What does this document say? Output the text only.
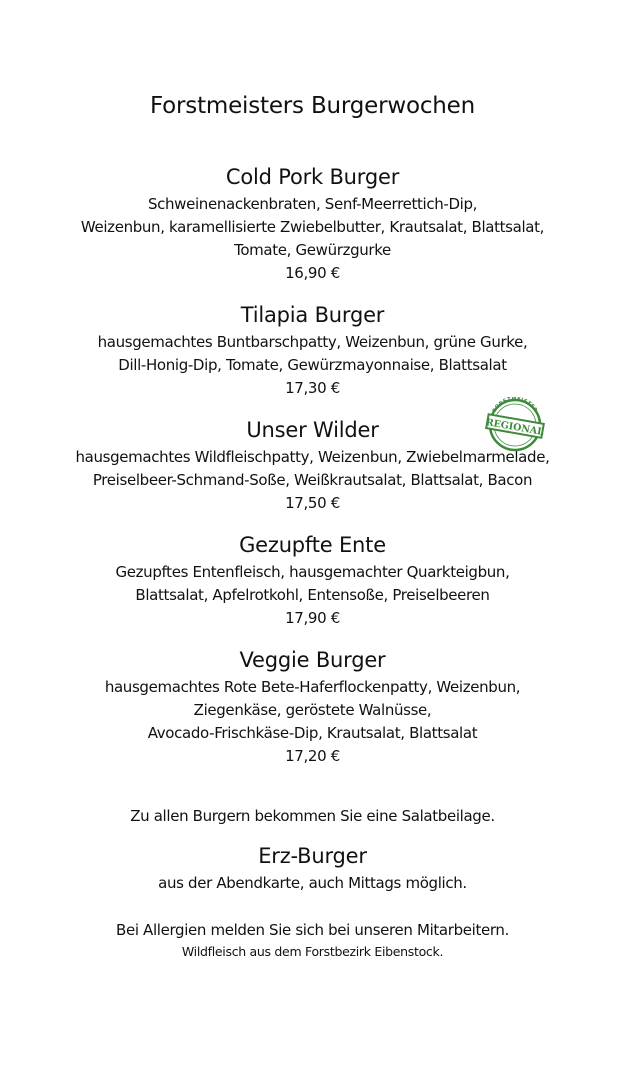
Forstmeisters Burgerwochen
Cold Pork Burger
Schweinenackenbraten, Senf-Meerrettich-Dip,
Weizenbun, karamellisierte Zwiebelbutter, Krautsalat, Blattsalat,
Tomate, Gewürzgurke
16,90 €
Tilapia Burger
hausgemachtes Buntbarschpatty, Weizenbun, grüne Gurke,
Dill-Honig-Dip, Tomate, Gewürzmayonnaise, Blattsalat
17,30 €
Unser Wilder
hausgemachtes Wildfleischpatty, Weizenbun, Zwiebelmarmelade,
Preiselbeer-Schmand-Soße, Weißkrautsalat, Blattsalat, Bacon
17,50 €
Gezupfte Ente
Gezupftes Entenfleisch, hausgemachter Quarkteigbun,
Blattsalat, Apfelrotkohl, Entensoße, Preiselbeeren
17,90 €
Veggie Burger
hausgemachtes Rote Bete-Haferflockenpatty, Weizenbun,
Ziegenkäse, geröstete Walnüsse,
Avocado-Frischkäse-Dip, Krautsalat, Blattsalat
17,20 €
Zu allen Burgern bekommen Sie eine Salatbeilage.
Erz-Burger
aus der Abendkarte, auch Mittags möglich.
Bei Allergien melden Sie sich bei unseren Mitarbeitern.
Wildfleisch aus dem Forstbezirk Eibenstock.
FORSTMEISTER
REGIONAL
